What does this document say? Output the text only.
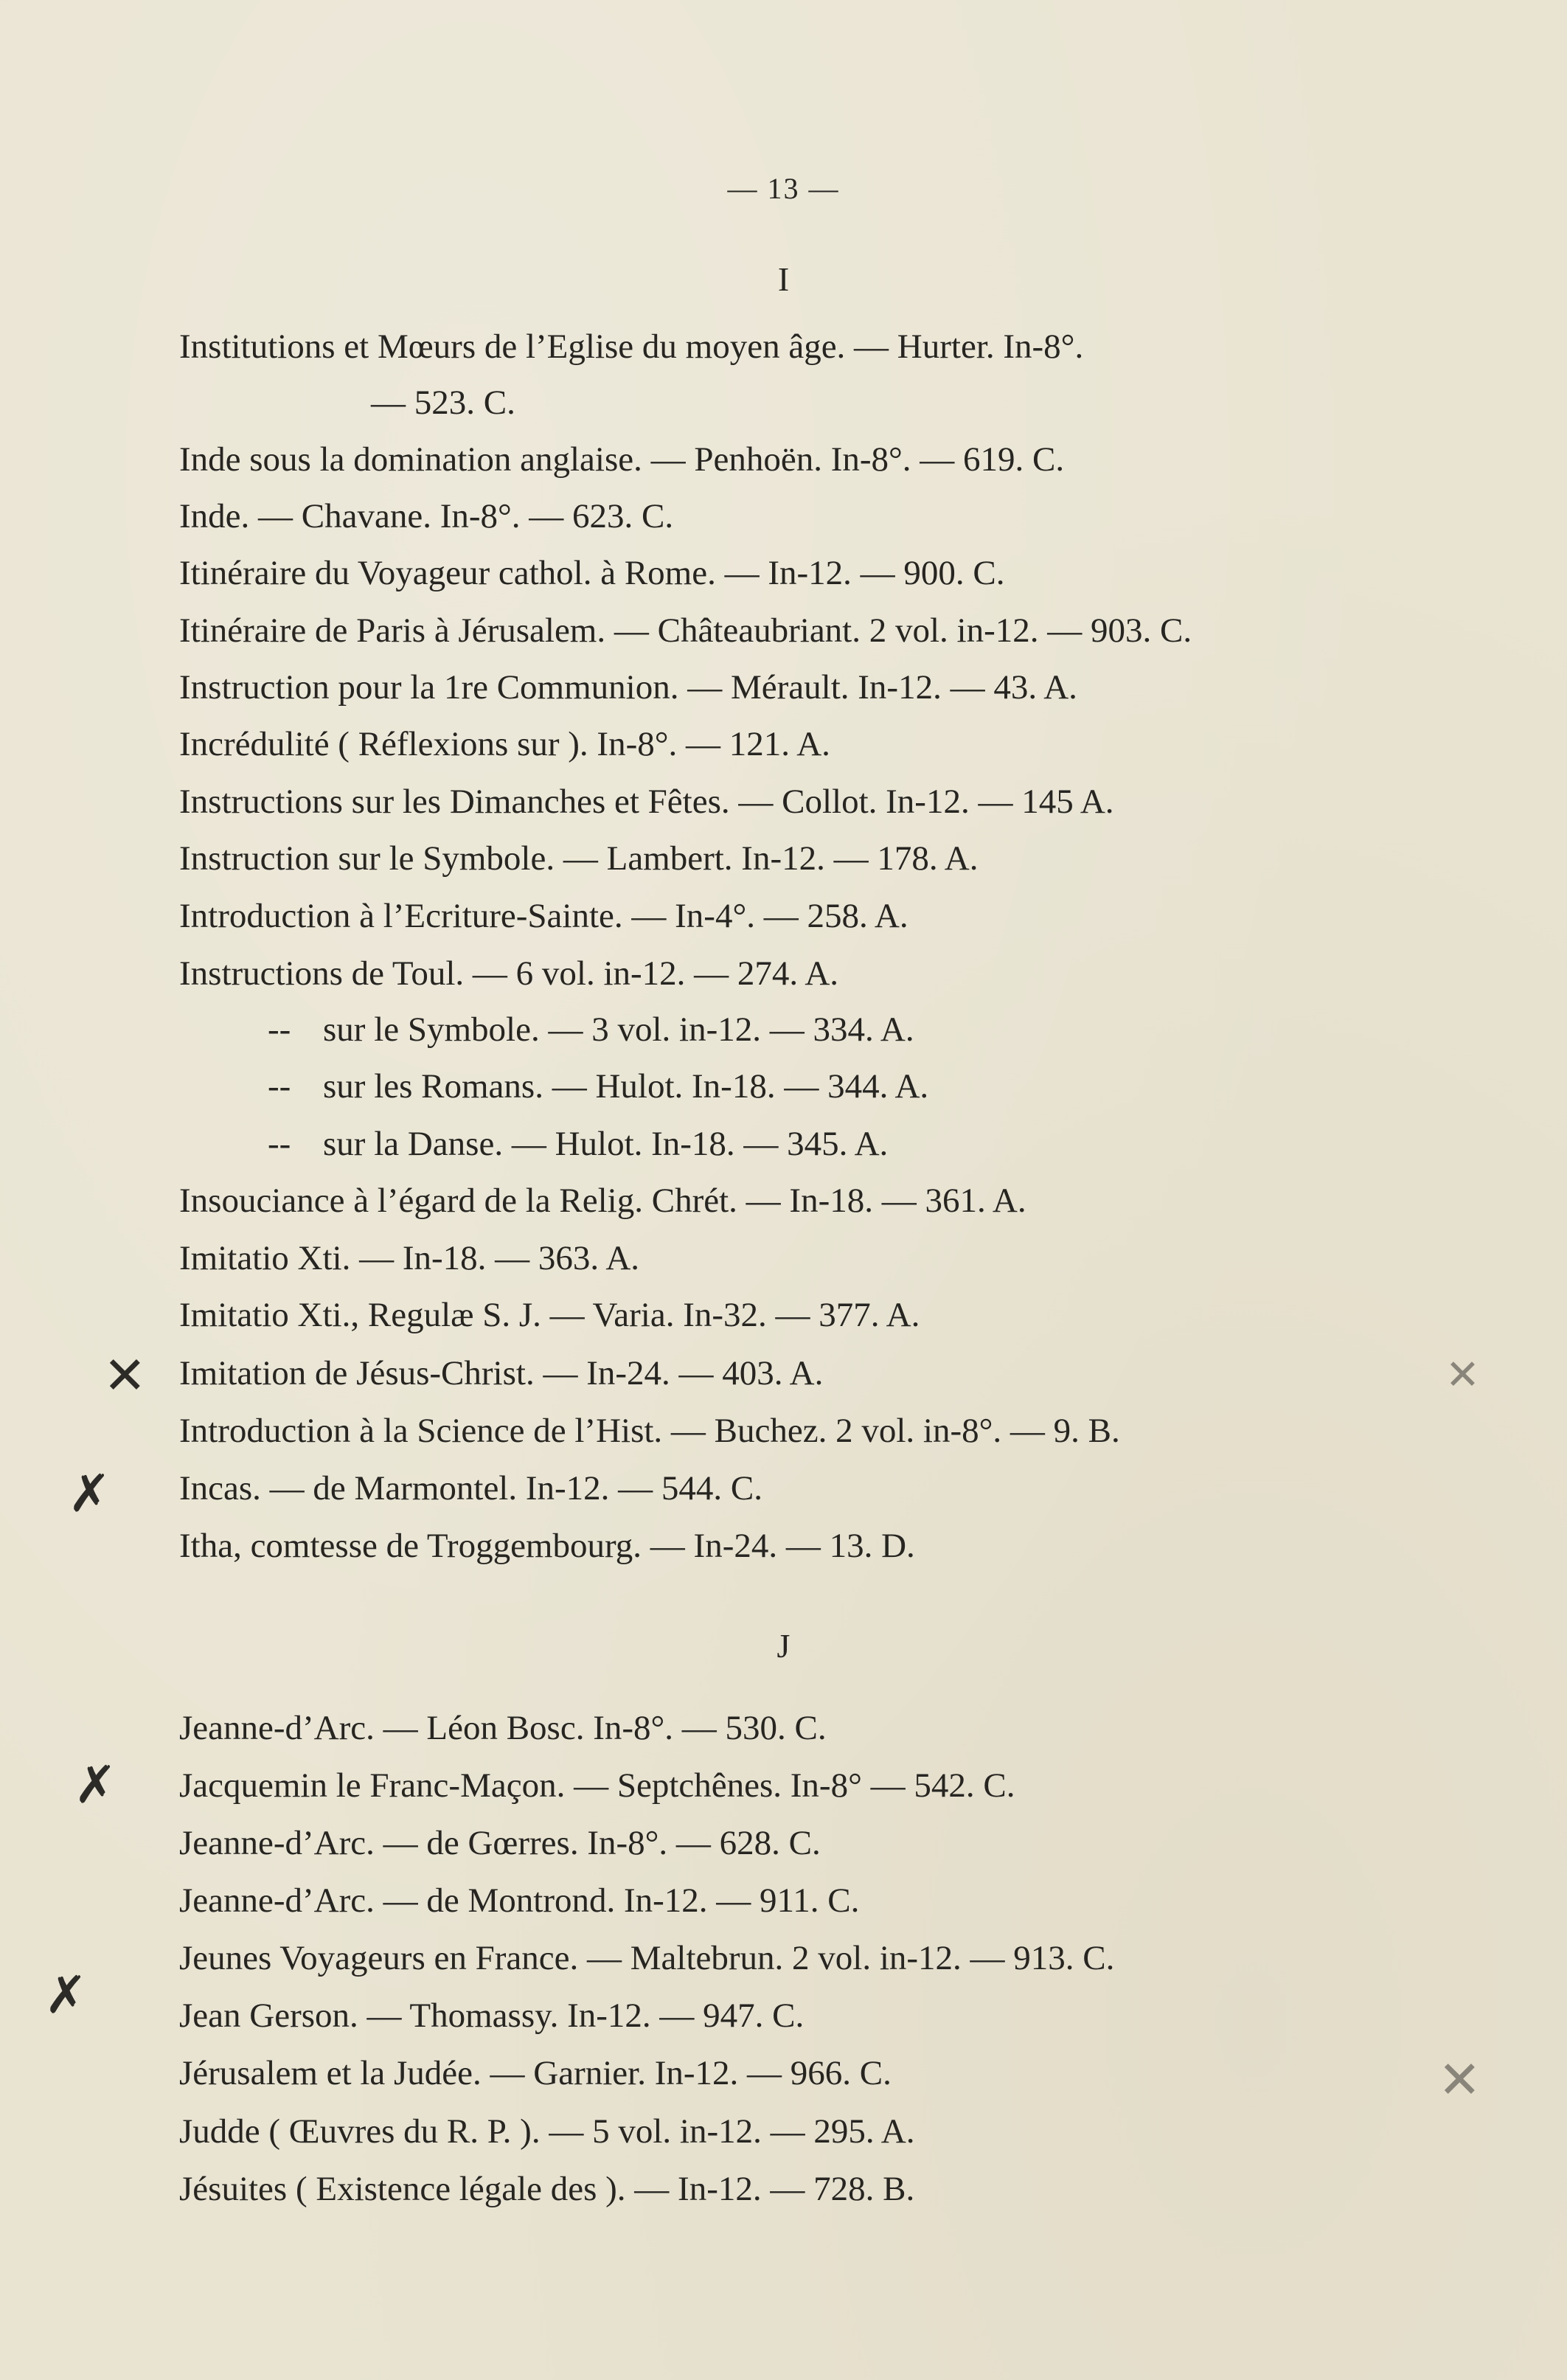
— 13 —
I
Institutions et Mœurs de l’Eglise du moyen âge. — Hurter. In-8°.
— 523. C.
Inde sous la domination anglaise. — Penhoën. In-8°. — 619. C.
Inde. — Chavane. In-8°. — 623. C.
Itinéraire du Voyageur cathol. à Rome. — In-12. — 900. C.
Itinéraire de Paris à Jérusalem. — Châteaubriant. 2 vol. in-12. — 903. C.
Instruction pour la 1re Communion. — Mérault. In-12. — 43. A.
Incrédulité ( Réflexions sur ). In-8°. — 121. A.
Instructions sur les Dimanches et Fêtes. — Collot. In-12. — 145 A.
Instruction sur le Symbole. — Lambert. In-12. — 178. A.
Introduction à l’Ecriture-Sainte. — In-4°. — 258. A.
Instructions de Toul. — 6 vol. in-12. — 274. A.
-- sur le Symbole. — 3 vol. in-12. — 334. A.
-- sur les Romans. — Hulot. In-18. — 344. A.
-- sur la Danse. — Hulot. In-18. — 345. A.
Insouciance à l’égard de la Relig. Chrét. — In-18. — 361. A.
Imitatio Xti. — In-18. — 363. A.
Imitatio Xti., Regulæ S. J. — Varia. In-32. — 377. A.
Imitation de Jésus-Christ. — In-24. — 403. A.
Introduction à la Science de l’Hist. — Buchez. 2 vol. in-8°. — 9. B.
Incas. — de Marmontel. In-12. — 544. C.
Itha, comtesse de Troggembourg. — In-24. — 13. D.
J
Jeanne-d’Arc. — Léon Bosc. In-8°. — 530. C.
Jacquemin le Franc-Maçon. — Septchênes. In-8° — 542. C.
Jeanne-d’Arc. — de Gœrres. In-8°. — 628. C.
Jeanne-d’Arc. — de Montrond. In-12. — 911. C.
Jeunes Voyageurs en France. — Maltebrun. 2 vol. in-12. — 913. C.
Jean Gerson. — Thomassy. In-12. — 947. C.
Jérusalem et la Judée. — Garnier. In-12. — 966. C.
Judde ( Œuvres du R. P. ). — 5 vol. in-12. — 295. A.
Jésuites ( Existence légale des ). — In-12. — 728. B.
✕	✕
✗
✗
✗
✕
